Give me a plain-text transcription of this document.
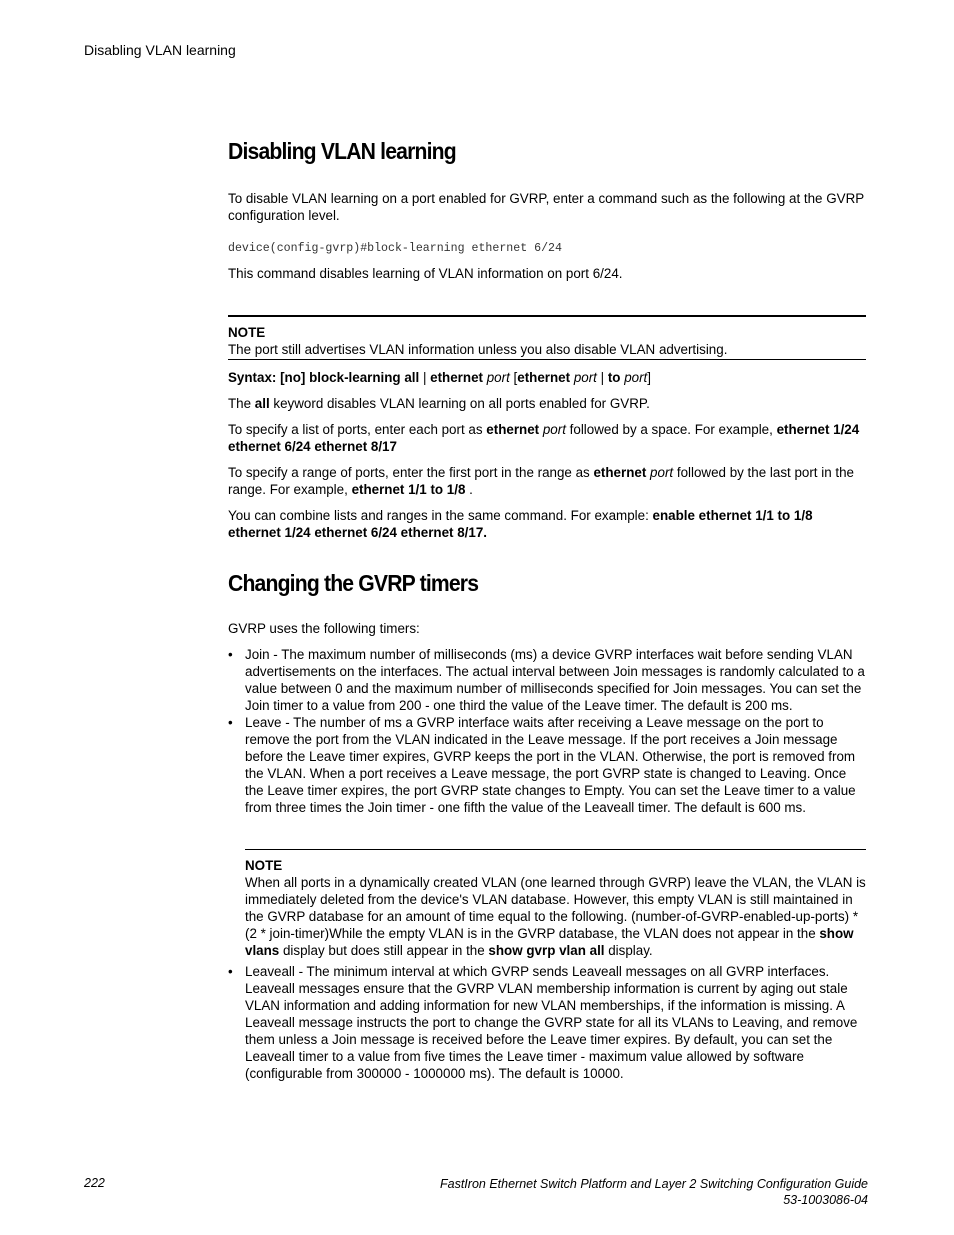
Disabling VLAN learning
Disabling VLAN learning

To disable VLAN learning on a port enabled for GVRP, enter a command such as the following at the GVRP configuration level.

device(config-gvrp)#block-learning ethernet 6/24

This command disables learning of VLAN information on port 6/24.

NOTE

The port still advertises VLAN information unless you also disable VLAN advertising.

Syntax: [no] block-learning all | ethernet port [ethernet port | to port]

The all keyword disables VLAN learning on all ports enabled for GVRP.

To specify a list of ports, enter each port as ethernet port followed by a space. For example, ethernet 1/24 ethernet 6/24 ethernet 8/17

To specify a range of ports, enter the first port in the range as ethernet port followed by the last port in the range. For example, ethernet 1/1 to 1/8 .

You can combine lists and ranges in the same command. For example: enable ethernet 1/1 to 1/8 ethernet 1/24 ethernet 6/24 ethernet 8/17.

Changing the GVRP timers

GVRP uses the following timers:

• Join - The maximum number of milliseconds (ms) a device GVRP interfaces wait before sending VLAN advertisements on the interfaces. The actual interval between Join messages is randomly calculated to a value between 0 and the maximum number of milliseconds specified for Join messages. You can set the Join timer to a value from 200 - one third the value of the Leave timer. The default is 200 ms.
• Leave - The number of ms a GVRP interface waits after receiving a Leave message on the port to remove the port from the VLAN indicated in the Leave message. If the port receives a Join message before the Leave timer expires, GVRP keeps the port in the VLAN. Otherwise, the port is removed from the VLAN. When a port receives a Leave message, the port GVRP state is changed to Leaving. Once the Leave timer expires, the port GVRP state changes to Empty. You can set the Leave timer to a value from three times the Join timer - one fifth the value of the Leaveall timer. The default is 600 ms.
NOTE

When all ports in a dynamically created VLAN (one learned through GVRP) leave the VLAN, the VLAN is immediately deleted from the device's VLAN database. However, this empty VLAN is still maintained in the GVRP database for an amount of time equal to the following. (number-of-GVRP-enabled-up-ports) * (2 * join-timer)While the empty VLAN is in the GVRP database, the VLAN does not appear in the show vlans display but does still appear in the show gvrp vlan all display.

• Leaveall - The minimum interval at which GVRP sends Leaveall messages on all GVRP interfaces. Leaveall messages ensure that the GVRP VLAN membership information is current by aging out stale VLAN information and adding information for new VLAN memberships, if the information is missing. A Leaveall message instructs the port to change the GVRP state for all its VLANs to Leaving, and remove them unless a Join message is received before the Leave timer expires. By default, you can set the Leaveall timer to a value from five times the Leave timer - maximum value allowed by software (configurable from 300000 - 1000000 ms). The default is 10000.
222	FastIron Ethernet Switch Platform and Layer 2 Switching Configuration Guide
53-1003086-04
